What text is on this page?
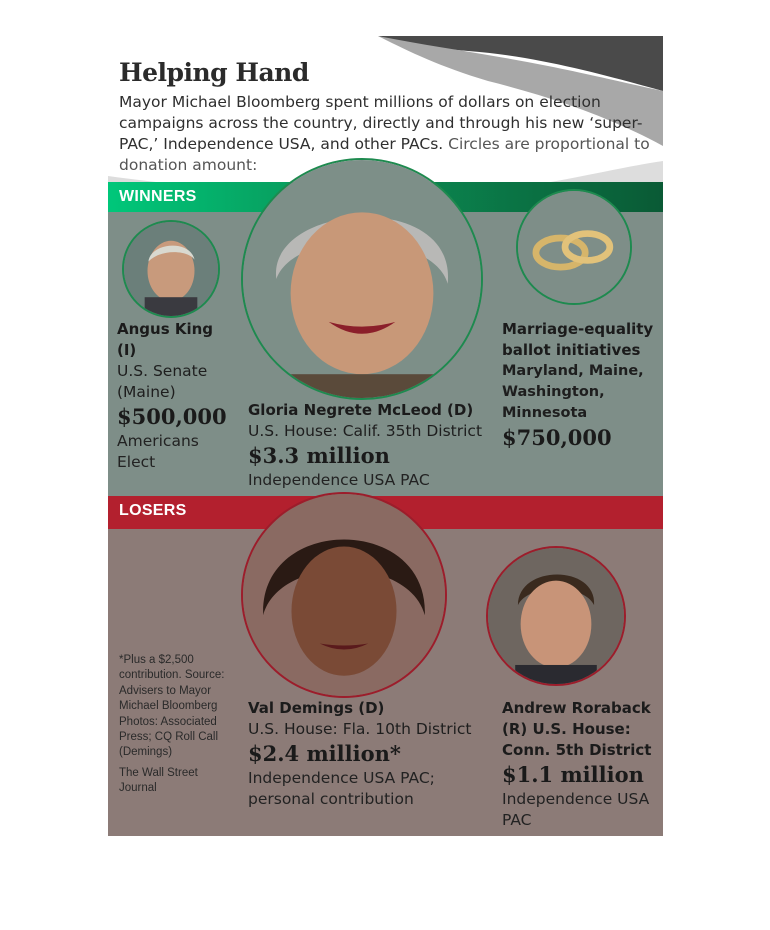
Helping Hand
Mayor Michael Bloomberg spent millions of dollars on election campaigns across the country, directly and through his new ‘super-PAC,’ Independence USA, and other PACs. Circles are proportional to donation amount:
WINNERS
Angus King (I)
U.S. Senate (Maine)
$500,000
Americans Elect
Gloria Negrete McLeod (D)
U.S. House: Calif. 35th District
$3.3 million
Independence USA PAC
Marriage-equality ballot initiatives
Maryland, Maine, Washington, Minnesota
$750,000
LOSERS
Val Demings (D)
U.S. House: Fla. 10th District
$2.4 million*
Independence USA PAC; personal contribution
Andrew Roraback (R) U.S. House: Conn. 5th District
$1.1 million
Independence USA PAC
*Plus a $2,500 contribution. Source: Advisers to Mayor Michael Bloomberg Photos: Associated Press; CQ Roll Call (Demings)
The Wall Street Journal
